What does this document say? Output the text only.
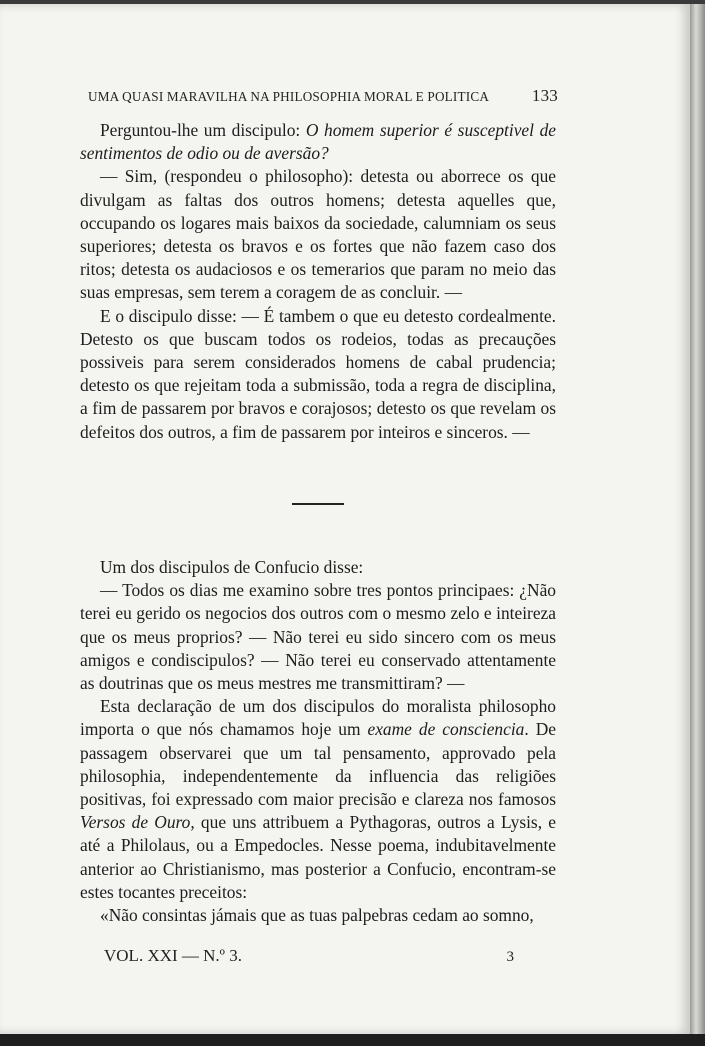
UMA QUASI MARAVILHA NA PHILOSOPHIA MORAL E POLITICA	133

Perguntou-lhe um discipulo: O homem superior é susceptivel de sentimentos de odio ou de aversão?

— Sim, (respondeu o philosopho): detesta ou aborrece os que divulgam as faltas dos outros homens; detesta aquelles que, occupando os logares mais baixos da sociedade, calumniam os seus superiores; detesta os bravos e os fortes que não fazem caso dos ritos; detesta os audaciosos e os temerarios que param no meio das suas empresas, sem terem a coragem de as concluir. —

E o discipulo disse: — É tambem o que eu detesto cordealmente. Detesto os que buscam todos os rodeios, todas as precauções possiveis para serem considerados homens de cabal prudencia; detesto os que rejeitam toda a submissão, toda a regra de disciplina, a fim de passarem por bravos e corajosos; detesto os que revelam os defeitos dos outros, a fim de passarem por inteiros e sinceros. —

Um dos discipulos de Confucio disse:

— Todos os dias me examino sobre tres pontos principaes: ¿Não terei eu gerido os negocios dos outros com o mesmo zelo e inteireza que os meus proprios? — Não terei eu sido sincero com os meus amigos e condiscipulos? — Não terei eu conservado attentamente as doutrinas que os meus mestres me transmittiram? —

Esta declaração de um dos discipulos do moralista philosopho importa o que nós chamamos hoje um exame de consciencia. De passagem observarei que um tal pensamento, approvado pela philosophia, independentemente da influencia das religiões positivas, foi expressado com maior precisão e clareza nos famosos Versos de Ouro, que uns attribuem a Pythagoras, outros a Lysis, e até a Philolaus, ou a Empedocles. Nesse poema, indubitavelmente anterior ao Christianismo, mas posterior a Confucio, encontram-se estes tocantes preceitos:

«Não consintas jámais que as tuas palpebras cedam ao somno,

VOL. XXI — N.º 3.	3
